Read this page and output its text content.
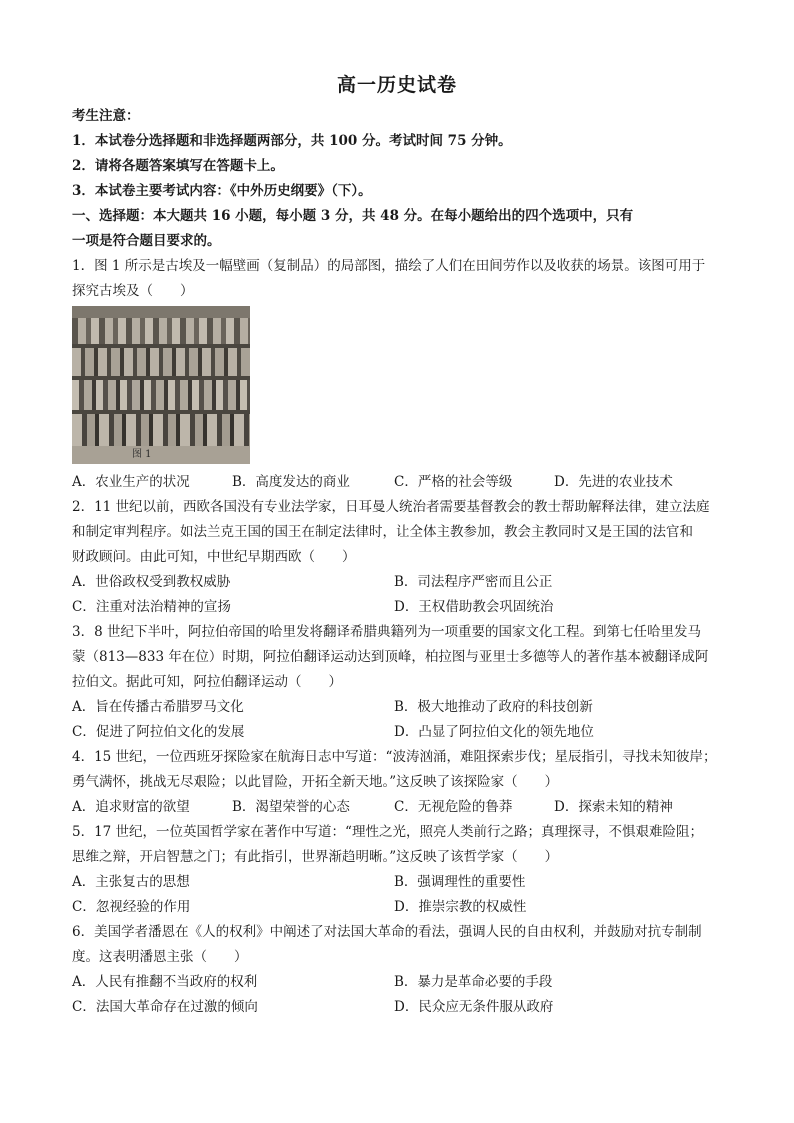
高一历史试卷
考生注意：
1．本试卷分选择题和非选择题两部分，共 100 分。考试时间 75 分钟。
2．请将各题答案填写在答题卡上。
3．本试卷主要考试内容：《中外历史纲要》（下）。
一、选择题：本大题共 16 小题，每小题 3 分，共 48 分。在每小题给出的四个选项中，只有
一项是符合题目要求的。
1．图 1 所示是古埃及一幅壁画（复制品）的局部图，描绘了人们在田间劳作以及收获的场景。该图可用于
探究古埃及（　　）
图 1
A．农业生产的状况	B．高度发达的商业	C．严格的社会等级	D．先进的农业技术
2．11 世纪以前，西欧各国没有专业法学家，日耳曼人统治者需要基督教会的教士帮助解释法律，建立法庭
和制定审判程序。如法兰克王国的国王在制定法律时，让全体主教参加，教会主教同时又是王国的法官和
财政顾问。由此可知，中世纪早期西欧（　　）
A．世俗政权受到教权威胁	B．司法程序严密而且公正
C．注重对法治精神的宣扬	D．王权借助教会巩固统治
3．8 世纪下半叶，阿拉伯帝国的哈里发将翻译希腊典籍列为一项重要的国家文化工程。到第七任哈里发马
蒙（813—833 年在位）时期，阿拉伯翻译运动达到顶峰，柏拉图与亚里士多德等人的著作基本被翻译成阿
拉伯文。据此可知，阿拉伯翻译运动（　　）
A．旨在传播古希腊罗马文化	B．极大地推动了政府的科技创新
C．促进了阿拉伯文化的发展	D．凸显了阿拉伯文化的领先地位
4．15 世纪，一位西班牙探险家在航海日志中写道：“波涛汹涌，难阻探索步伐；星辰指引，寻找未知彼岸；
勇气满怀，挑战无尽艰险；以此冒险，开拓全新天地。”这反映了该探险家（　　）
A．追求财富的欲望	B．渴望荣誉的心态	C．无视危险的鲁莽	D．探索未知的精神
5．17 世纪，一位英国哲学家在著作中写道：“理性之光，照亮人类前行之路；真理探寻，不惧艰难险阻；
思维之辩，开启智慧之门；有此指引，世界渐趋明晰。”这反映了该哲学家（　　）
A．主张复古的思想	B．强调理性的重要性
C．忽视经验的作用	D．推崇宗教的权威性
6．美国学者潘恩在《人的权利》中阐述了对法国大革命的看法，强调人民的自由权利，并鼓励对抗专制制
度。这表明潘恩主张（　　）
A．人民有推翻不当政府的权利	B．暴力是革命必要的手段
C．法国大革命存在过激的倾向	D．民众应无条件服从政府
